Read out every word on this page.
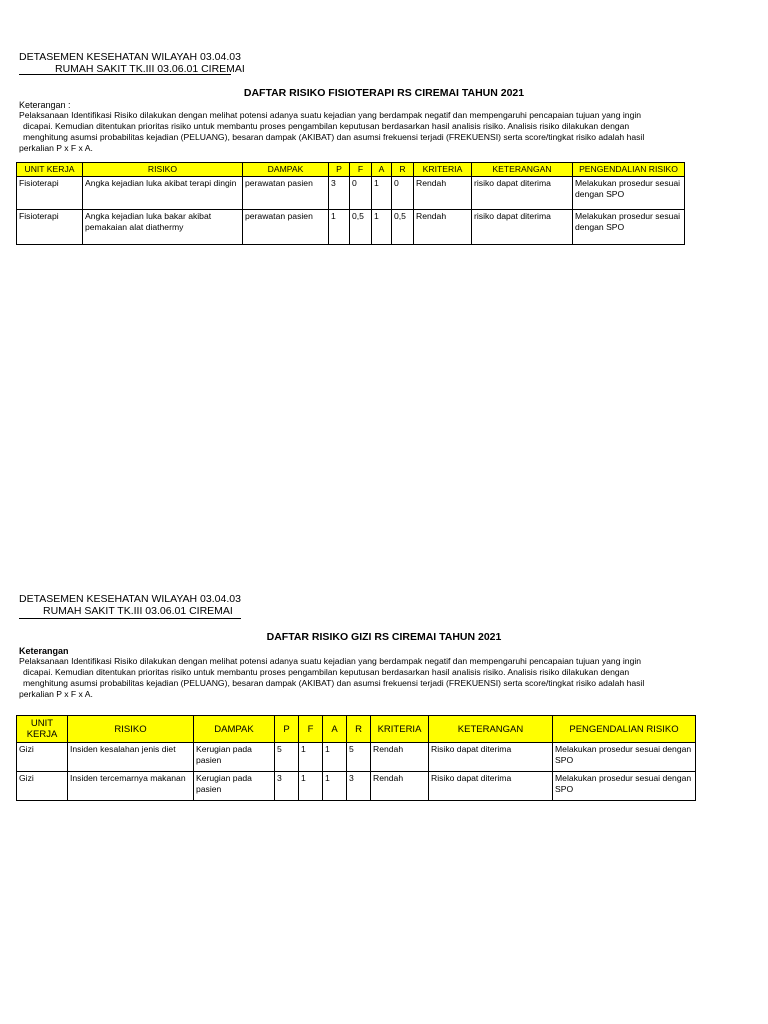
DETASEMEN KESEHATAN WILAYAH 03.04.03
RUMAH SAKIT TK.III 03.06.01 CIREMAI
DAFTAR RISIKO FISIOTERAPI RS CIREMAI TAHUN 2021
Keterangan :
Pelaksanaan Identifikasi Risiko dilakukan dengan melihat potensi adanya suatu kejadian yang berdampak negatif dan mempengaruhi pencapaian tujuan yang ingin
dicapai. Kemudian ditentukan prioritas risiko untuk membantu proses pengambilan keputusan berdasarkan hasil analisis risiko. Analisis risiko dilakukan dengan
menghitung asumsi probabilitas kejadian (PELUANG), besaran dampak (AKIBAT) dan asumsi frekuensi terjadi (FREKUENSI) serta score/tingkat risiko adalah hasil
perkalian P x F x A.
UNIT KERJA	RISIKO	DAMPAK	P	F	A	R	KRITERIA	KETERANGAN	PENGENDALIAN RISIKO
Fisioterapi	Angka kejadian luka akibat terapi dingin	perawatan pasien	3	0	1	0	Rendah	risiko dapat diterima	Melakukan prosedur sesuai dengan SPO
Fisioterapi	Angka kejadian luka bakar akibat pemakaian alat diathermy	perawatan pasien	1	0,5	1	0,5	Rendah	risiko dapat diterima	Melakukan prosedur sesuai dengan SPO
DETASEMEN KESEHATAN WILAYAH 03.04.03
RUMAH SAKIT TK.III 03.06.01 CIREMAI
DAFTAR RISIKO GIZI RS CIREMAI TAHUN 2021
Keterangan
Pelaksanaan Identifikasi Risiko dilakukan dengan melihat potensi adanya suatu kejadian yang berdampak negatif dan mempengaruhi pencapaian tujuan yang ingin
dicapai. Kemudian ditentukan prioritas risiko untuk membantu proses pengambilan keputusan berdasarkan hasil analisis risiko. Analisis risiko dilakukan dengan
menghitung asumsi probabilitas kejadian (PELUANG), besaran dampak (AKIBAT) dan asumsi frekuensi terjadi (FREKUENSI) serta score/tingkat risiko adalah hasil
perkalian P x F x A.
UNIT KERJA	RISIKO	DAMPAK	P	F	A	R	KRITERIA	KETERANGAN	PENGENDALIAN RISIKO
Gizi	Insiden kesalahan jenis diet	Kerugian pada pasien	5	1	1	5	Rendah	Risiko dapat diterima	Melakukan prosedur sesuai dengan SPO
Gizi	Insiden tercemarnya makanan	Kerugian pada pasien	3	1	1	3	Rendah	Risiko dapat diterima	Melakukan prosedur sesuai dengan SPO
